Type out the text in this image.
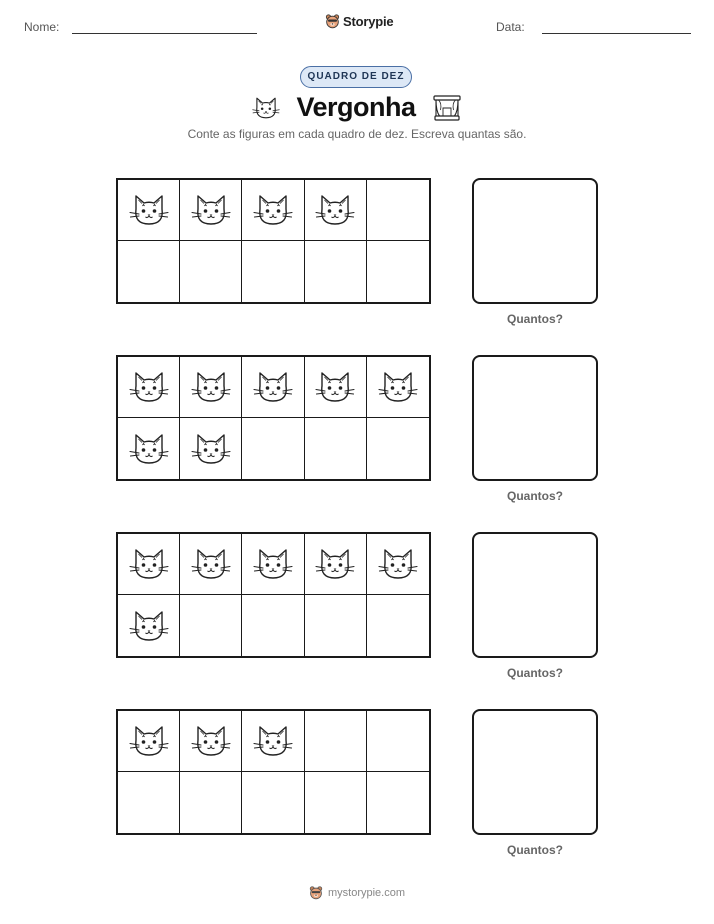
Nome:	Storypie	Data:
QUADRO DE DEZ
Vergonha
Conte as figuras em cada quadro de dez. Escreva quantas são.
Quantos?
Quantos?
Quantos?
Quantos?
mystorypie.com
